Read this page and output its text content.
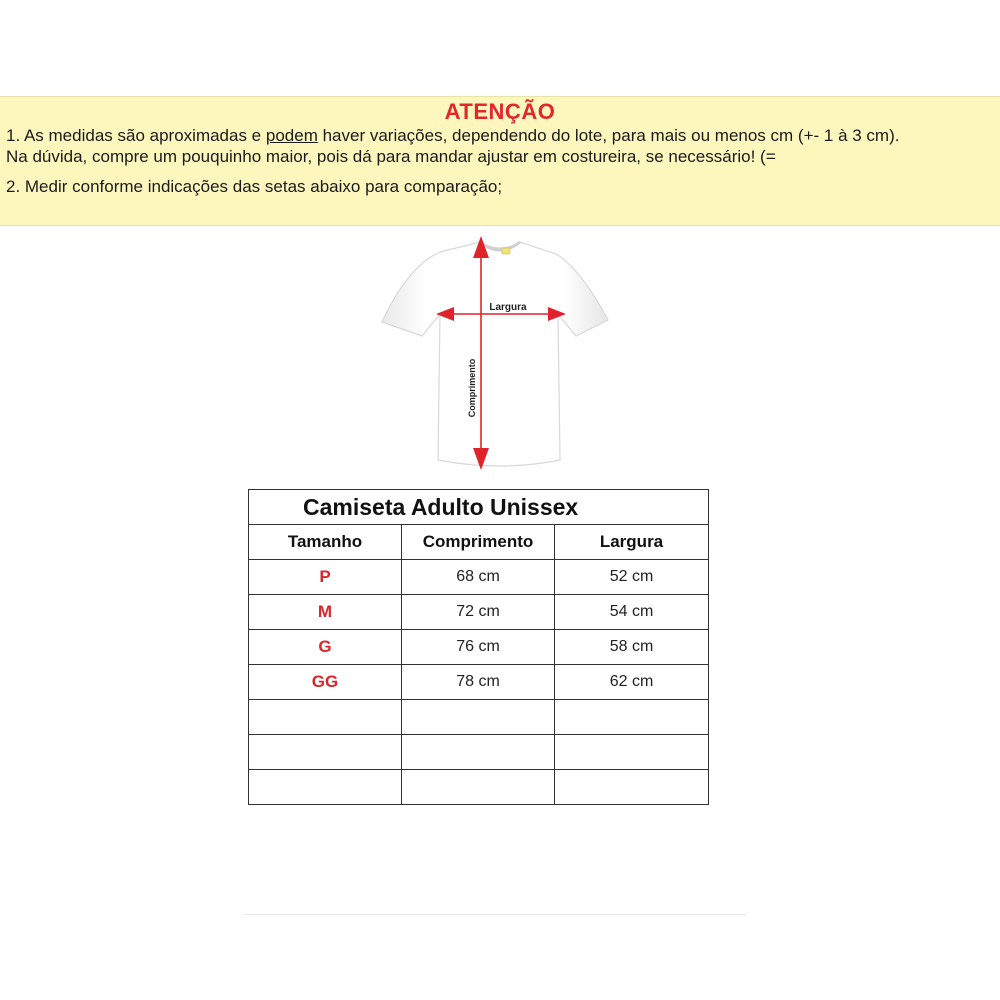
ATENÇÃO
1. As medidas são aproximadas e podem haver variações, dependendo do lote, para mais ou menos cm (+- 1 à 3 cm).
Na dúvida, compre um pouquinho maior, pois dá para mandar ajustar em costureira, se necessário! (=
2. Medir conforme indicações das setas abaixo para comparação;
Largura
Comprimento
Camiseta Adulto Unissex		
Tamanho	Comprimento	Largura
P	68 cm	52 cm
M	72 cm	54 cm
G	76 cm	58 cm
GG	78 cm	62 cm
